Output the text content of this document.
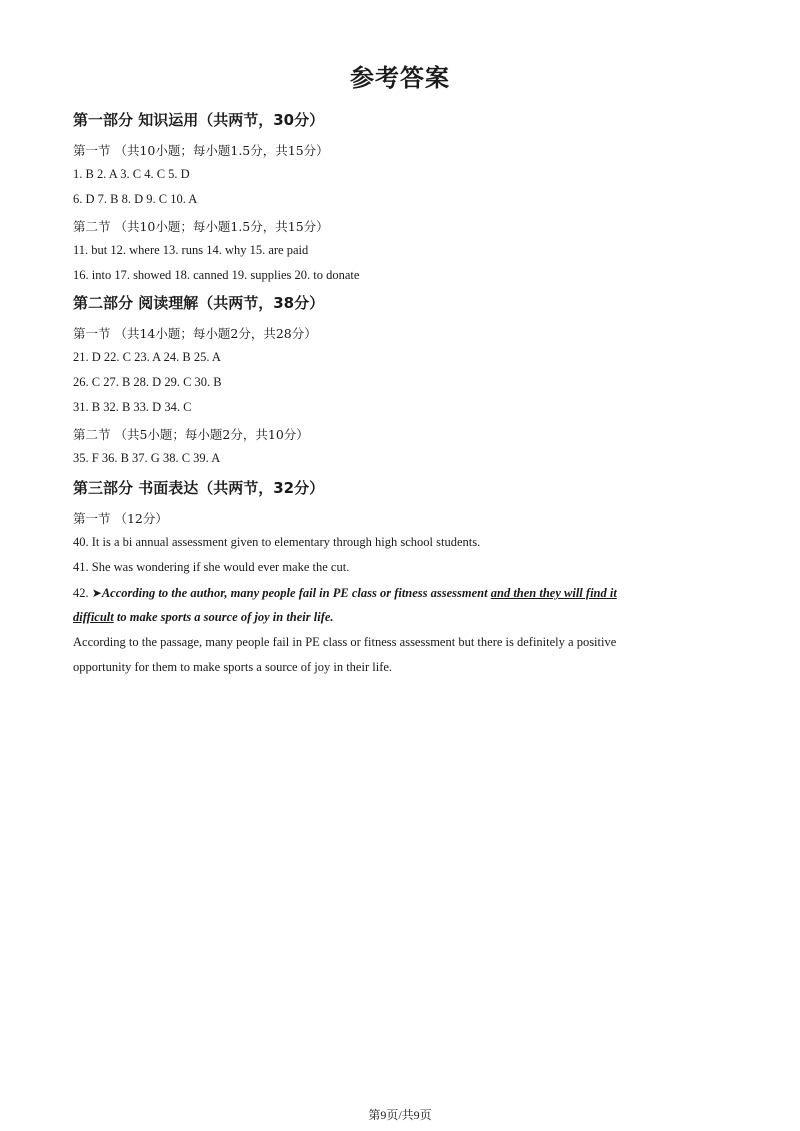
参考答案
第一部分 知识运用（共两节，30分）
第一节 （共10小题；每小题1.5分，共15分）
1. B 2. A 3. C 4. C 5. D
6. D 7. B 8. D 9. C 10. A
第二节 （共10小题；每小题1.5分，共15分）
11. but 12. where 13. runs 14. why 15. are paid
16. into 17. showed 18. canned 19. supplies 20. to donate
第二部分 阅读理解（共两节，38分）
第一节 （共14小题；每小题2分，共28分）
21. D 22. C 23. A 24. B 25. A
26. C 27. B 28. D 29. C 30. B
31. B 32. B 33. D 34. C
第二节 （共5小题；每小题2分，共10分）
35. F 36. B 37. G 38. C 39. A
第三部分 书面表达（共两节，32分）
第一节 （12分）
40. It is a bi annual assessment given to elementary through high school students.
41. She was wondering if she would ever make the cut.
42. ➤According to the author, many people fail in PE class or fitness assessment and then they will find it
difficult to make sports a source of joy in their life.
According to the passage, many people fail in PE class or fitness assessment but there is definitely a positive
opportunity for them to make sports a source of joy in their life.
第9页/共9页
